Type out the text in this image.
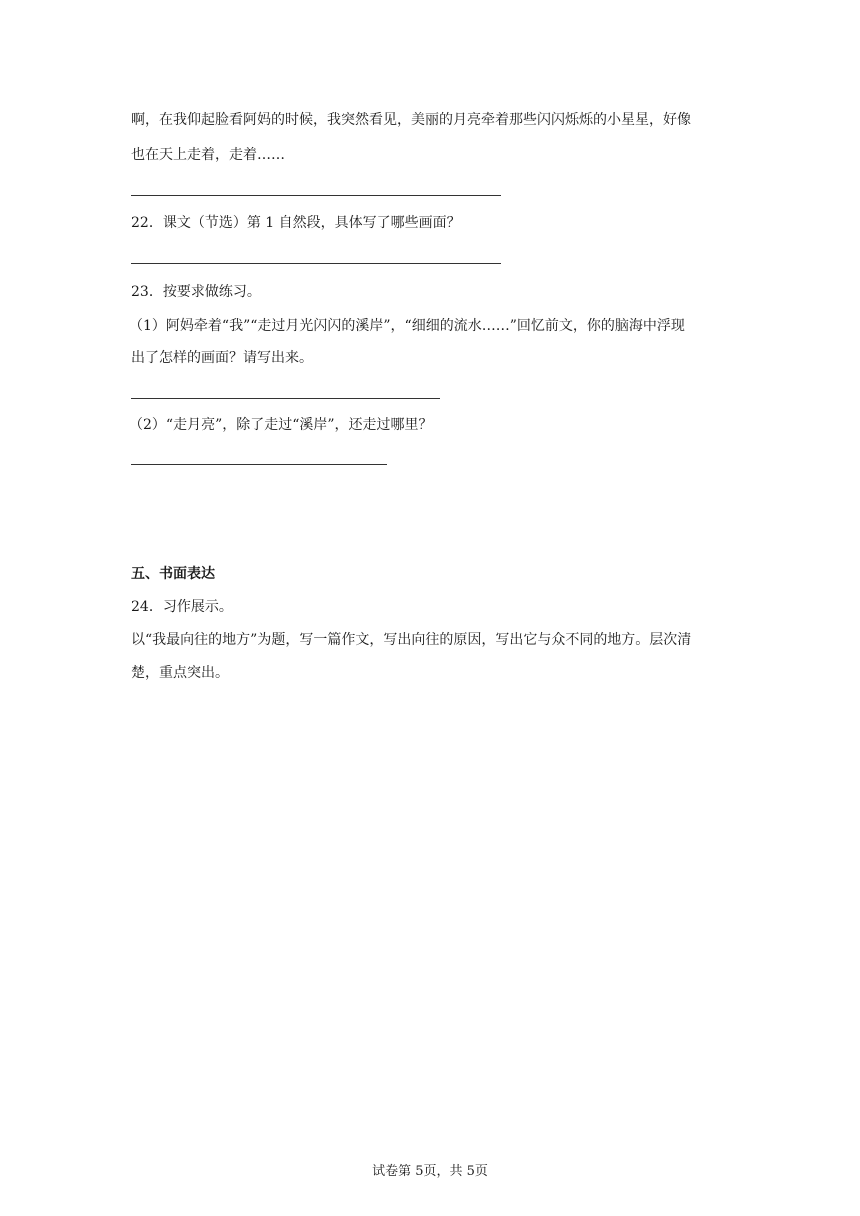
啊，在我仰起脸看阿妈的时候，我突然看见，美丽的月亮牵着那些闪闪烁烁的小星星，好像
也在天上走着，走着……
22．课文（节选）第 1 自然段，具体写了哪些画面？
23．按要求做练习。
（1）阿妈牵着“我”“走过月光闪闪的溪岸”，“细细的流水……”回忆前文，你的脑海中浮现
出了怎样的画面？请写出来。
（2）“走月亮”，除了走过“溪岸”，还走过哪里？
五、书面表达
24．习作展示。
以“我最向往的地方”为题，写一篇作文，写出向往的原因，写出它与众不同的地方。层次清
楚，重点突出。
试卷第 5页，共 5页
